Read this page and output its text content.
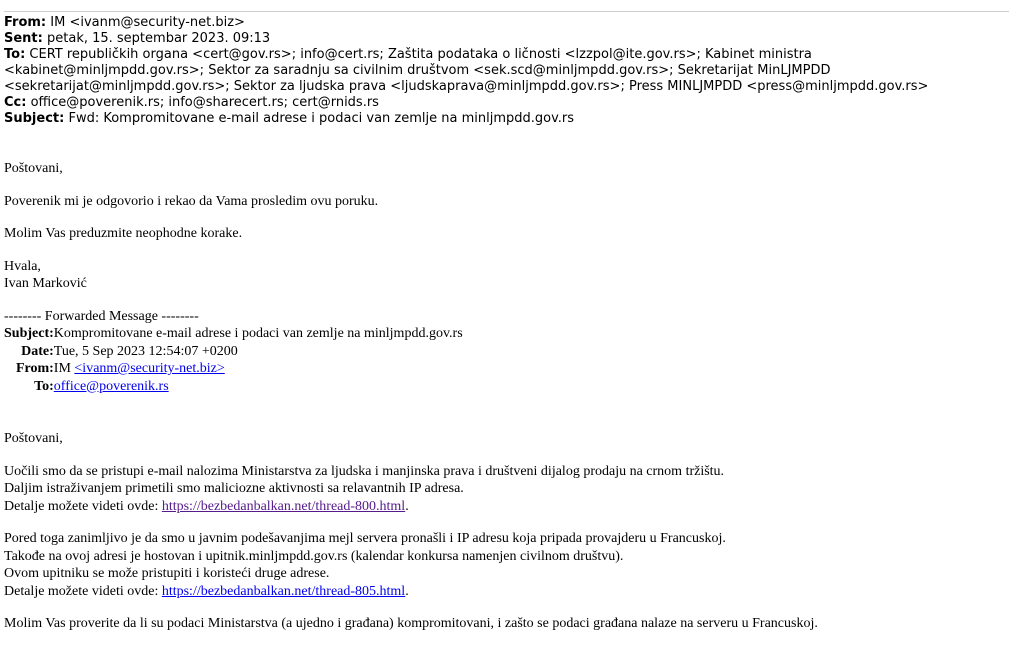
From: IM <ivanm@security-net.biz>
Sent: petak, 15. septembar 2023. 09:13
To: CERT republičkih organa <cert@gov.rs>; info@cert.rs; Zaštita podataka o ličnosti <lzzpol@ite.gov.rs>; Kabinet ministra <kabinet@minljmpdd.gov.rs>; Sektor za saradnju sa civilnim društvom <sek.scd@minljmpdd.gov.rs>; Sekretarijat MinLJMPDD <sekretarijat@minljmpdd.gov.rs>; Sektor za ljudska prava <ljudskaprava@minljmpdd.gov.rs>; Press MINLJMPDD <press@minljmpdd.gov.rs>
Cc: office@poverenik.rs; info@sharecert.rs; cert@rnids.rs
Subject: Fwd: Kompromitovane e-mail adrese i podaci van zemlje na minljmpdd.gov.rs

Poštovani,

Poverenik mi je odgovorio i rekao da Vama prosledim ovu poruku.

Molim Vas preduzmite neophodne korake.

Hvala,

Ivan Marković

-------- Forwarded Message --------

Subject:	Kompromitovane e-mail adrese i podaci van zemlje na minljmpdd.gov.rs
Date:	Tue, 5 Sep 2023 12:54:07 +0200
From:	IM <ivanm@security-net.biz>
To:	office@poverenik.rs

Poštovani,

Uočili smo da se pristupi e-mail nalozima Ministarstva za ljudska i manjinska prava i društveni dijalog prodaju na crnom tržištu.

Daljim istraživanjem primetili smo maliciozne aktivnosti sa relavantnih IP adresa.

Detalje možete videti ovde: https://bezbedanbalkan.net/thread-800.html.

Pored toga zanimljivo je da smo u javnim podešavanjima mejl servera pronašli i IP adresu koja pripada provajderu u Francuskoj.

Takođe na ovoj adresi je hostovan i upitnik.minljmpdd.gov.rs (kalendar konkursa namenjen civilnom društvu).

Ovom upitniku se može pristupiti i koristeći druge adrese.

Detalje možete videti ovde: https://bezbedanbalkan.net/thread-805.html.

Molim Vas proverite da li su podaci Ministarstva (a ujedno i građana) kompromitovani, i zašto se podaci građana nalaze na serveru u Francuskoj.
